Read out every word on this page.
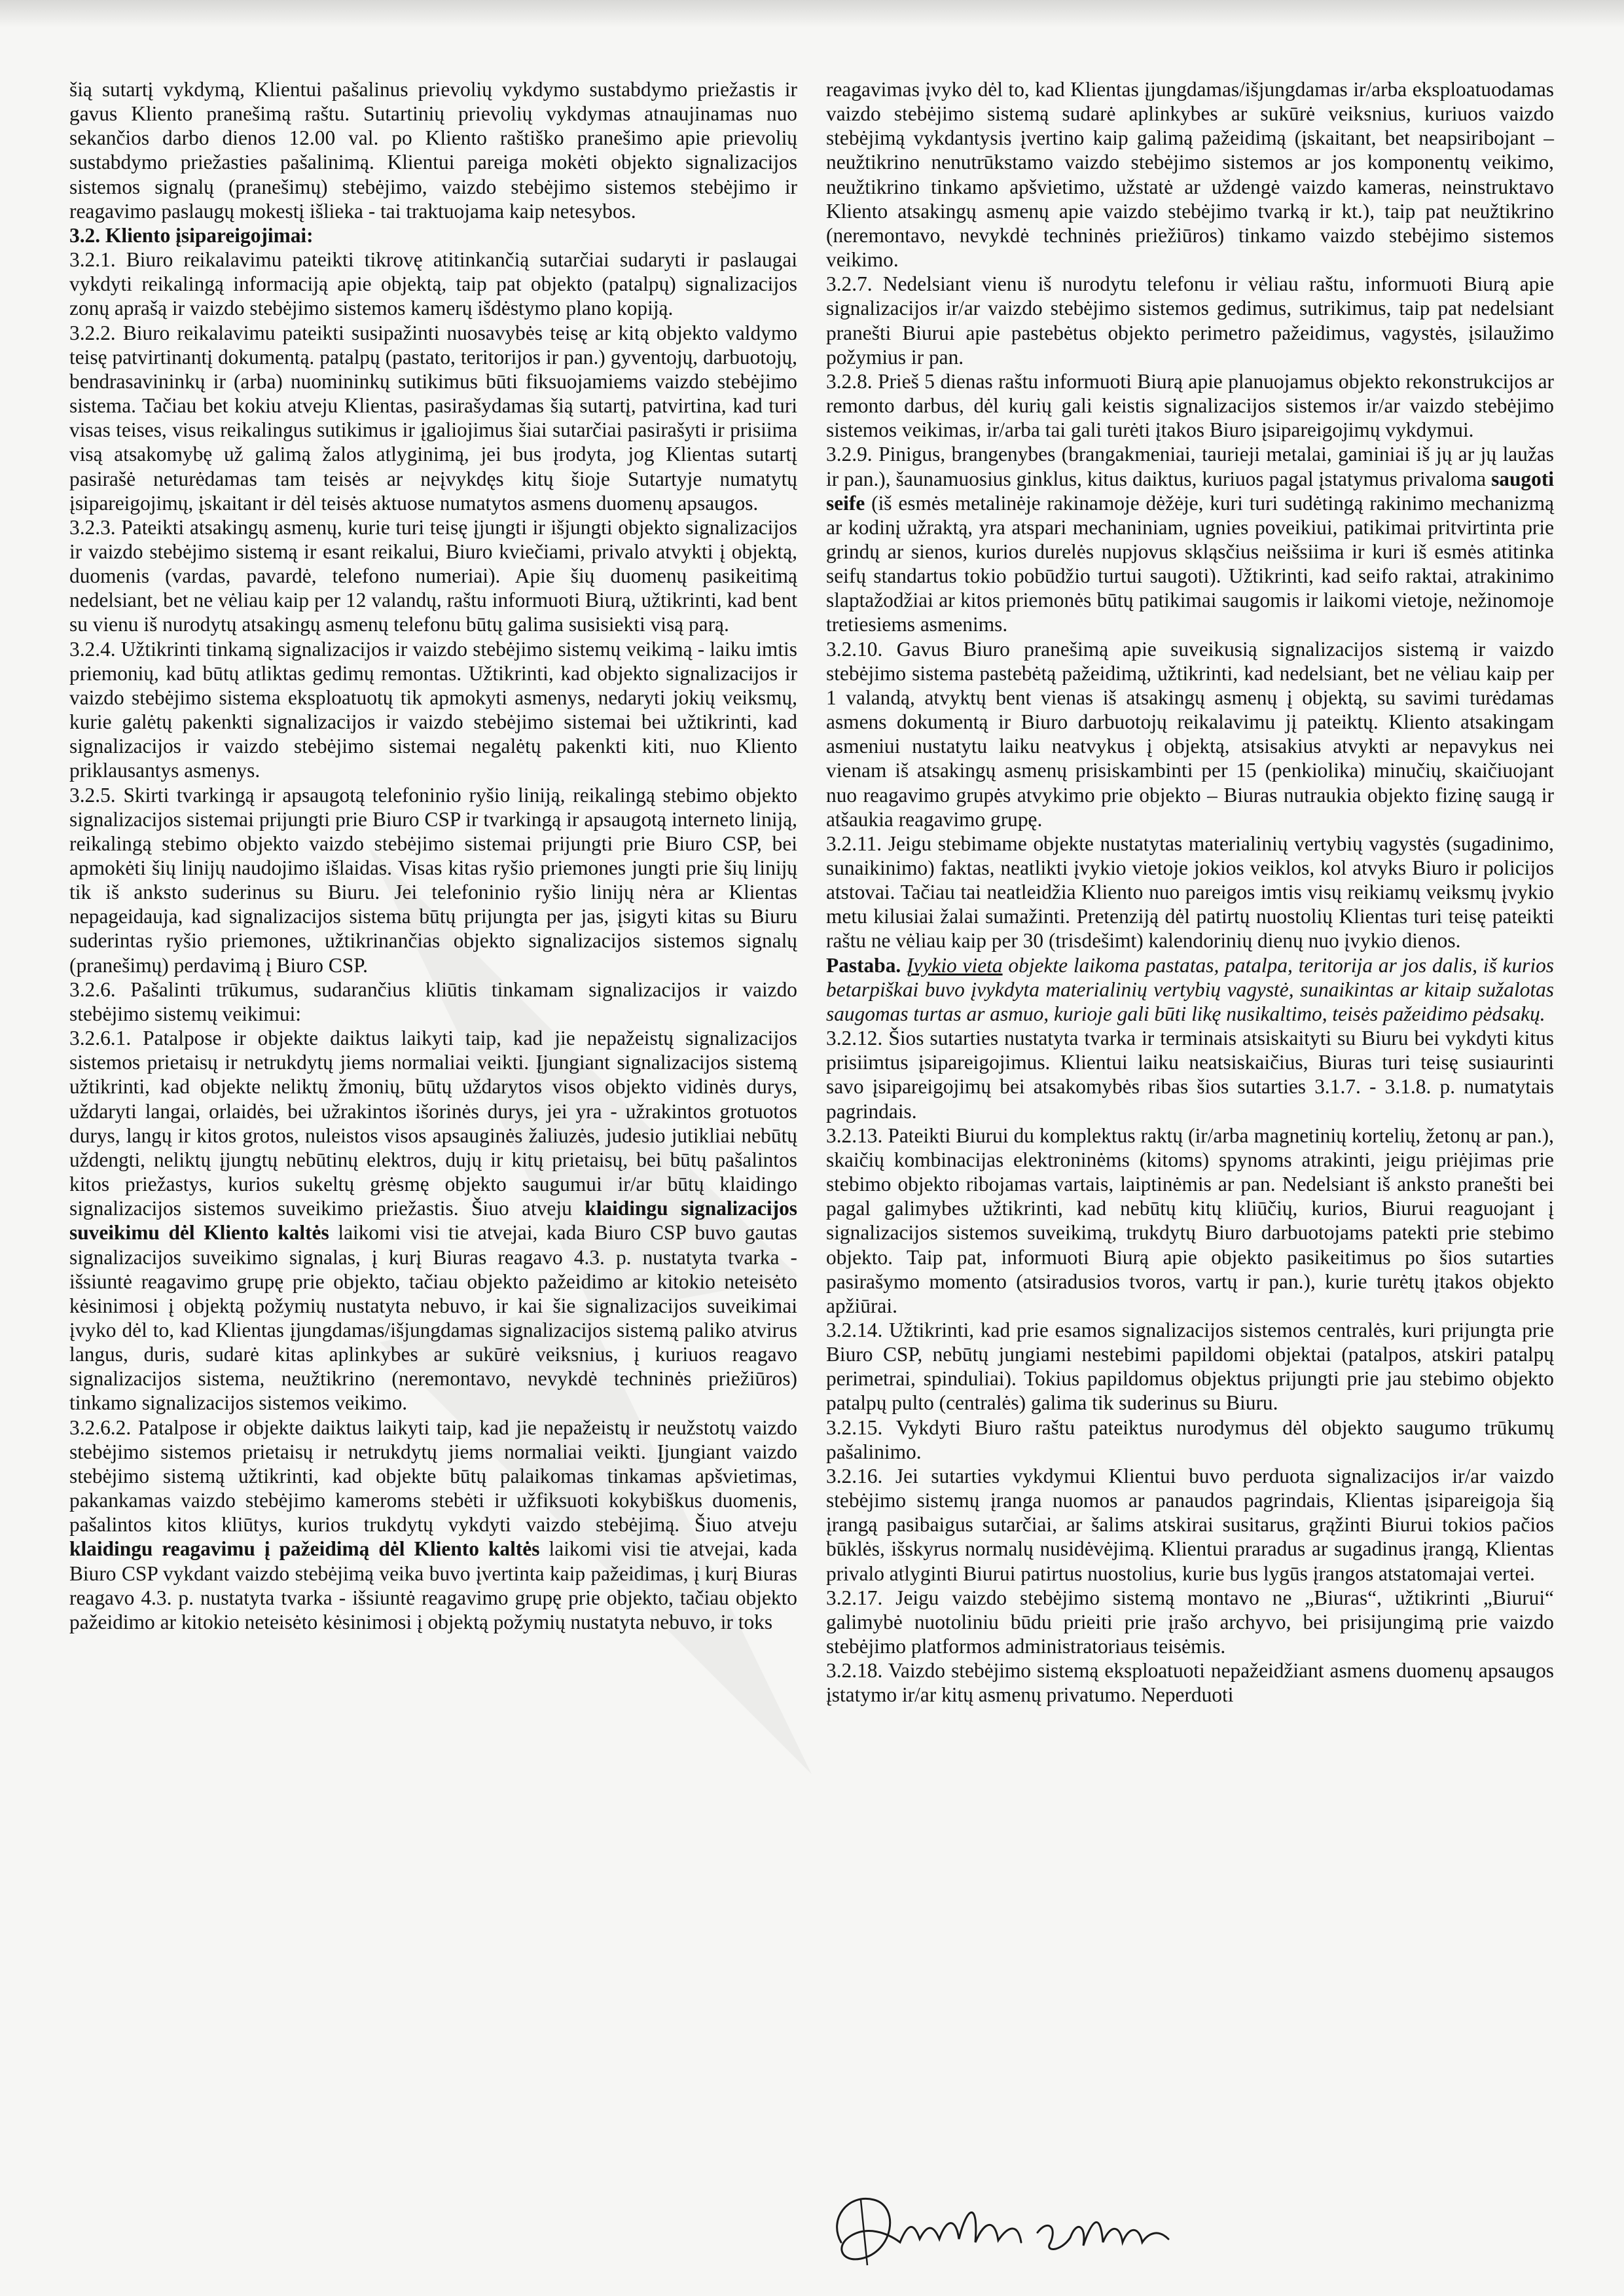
šią sutartį vykdymą, Klientui pašalinus prievolių vykdymo sustabdymo priežastis ir gavus Kliento pranešimą raštu. Sutartinių prievolių vykdymas atnaujinamas nuo sekančios darbo dienos 12.00 val. po Kliento raštiško pranešimo apie prievolių sustabdymo priežasties pašalinimą. Klientui pareiga mokėti objekto signalizacijos sistemos signalų (pranešimų) stebėjimo, vaizdo stebėjimo sistemos stebėjimo ir reagavimo paslaugų mokestį išlieka - tai traktuojama kaip netesybos.

3.2. Kliento įsipareigojimai:

3.2.1. Biuro reikalavimu pateikti tikrovę atitinkančią sutarčiai sudaryti ir paslaugai vykdyti reikalingą informaciją apie objektą, taip pat objekto (patalpų) signalizacijos zonų aprašą ir vaizdo stebėjimo sistemos kamerų išdėstymo plano kopiją.

3.2.2. Biuro reikalavimu pateikti susipažinti nuosavybės teisę ar kitą objekto valdymo teisę patvirtinantį dokumentą. patalpų (pastato, teritorijos ir pan.) gyventojų, darbuotojų, bendrasavininkų ir (arba) nuomininkų sutikimus būti fiksuojamiems vaizdo stebėjimo sistema. Tačiau bet kokiu atveju Klientas, pasirašydamas šią sutartį, patvirtina, kad turi visas teises, visus reikalingus sutikimus ir įgaliojimus šiai sutarčiai pasirašyti ir prisiima visą atsakomybę už galimą žalos atlyginimą, jei bus įrodyta, jog Klientas sutartį pasirašė neturėdamas tam teisės ar neįvykdęs kitų šioje Sutartyje numatytų įsipareigojimų, įskaitant ir dėl teisės aktuose numatytos asmens duomenų apsaugos.

3.2.3. Pateikti atsakingų asmenų, kurie turi teisę įjungti ir išjungti objekto signalizacijos ir vaizdo stebėjimo sistemą ir esant reikalui, Biuro kviečiami, privalo atvykti į objektą, duomenis (vardas, pavardė, telefono numeriai). Apie šių duomenų pasikeitimą nedelsiant, bet ne vėliau kaip per 12 valandų, raštu informuoti Biurą, užtikrinti, kad bent su vienu iš nurodytų atsakingų asmenų telefonu būtų galima susisiekti visą parą.

3.2.4. Užtikrinti tinkamą signalizacijos ir vaizdo stebėjimo sistemų veikimą - laiku imtis priemonių, kad būtų atliktas gedimų remontas. Užtikrinti, kad objekto signalizacijos ir vaizdo stebėjimo sistema eksploatuotų tik apmokyti asmenys, nedaryti jokių veiksmų, kurie galėtų pakenkti signalizacijos ir vaizdo stebėjimo sistemai bei užtikrinti, kad signalizacijos ir vaizdo stebėjimo sistemai negalėtų pakenkti kiti, nuo Kliento priklausantys asmenys.

3.2.5. Skirti tvarkingą ir apsaugotą telefoninio ryšio liniją, reikalingą stebimo objekto signalizacijos sistemai prijungti prie Biuro CSP ir tvarkingą ir apsaugotą interneto liniją, reikalingą stebimo objekto vaizdo stebėjimo sistemai prijungti prie Biuro CSP, bei apmokėti šių linijų naudojimo išlaidas. Visas kitas ryšio priemones jungti prie šių linijų tik iš anksto suderinus su Biuru. Jei telefoninio ryšio linijų nėra ar Klientas nepageidauja, kad signalizacijos sistema būtų prijungta per jas, įsigyti kitas su Biuru suderintas ryšio priemones, užtikrinančias objekto signalizacijos sistemos signalų (pranešimų) perdavimą į Biuro CSP.

3.2.6. Pašalinti trūkumus, sudarančius kliūtis tinkamam signalizacijos ir vaizdo stebėjimo sistemų veikimui:

3.2.6.1. Patalpose ir objekte daiktus laikyti taip, kad jie nepažeistų signalizacijos sistemos prietaisų ir netrukdytų jiems normaliai veikti. Įjungiant signalizacijos sistemą užtikrinti, kad objekte neliktų žmonių, būtų uždarytos visos objekto vidinės durys, uždaryti langai, orlaidės, bei užrakintos išorinės durys, jei yra - užrakintos grotuotos durys, langų ir kitos grotos, nuleistos visos apsauginės žaliuzės, judesio jutikliai nebūtų uždengti, neliktų įjungtų nebūtinų elektros, dujų ir kitų prietaisų, bei būtų pašalintos kitos priežastys, kurios sukeltų grėsmę objekto saugumui ir/ar būtų klaidingo signalizacijos sistemos suveikimo priežastis. Šiuo atveju klaidingu signalizacijos suveikimu dėl Kliento kaltės laikomi visi tie atvejai, kada Biuro CSP buvo gautas signalizacijos suveikimo signalas, į kurį Biuras reagavo 4.3. p. nustatyta tvarka - išsiuntė reagavimo grupę prie objekto, tačiau objekto pažeidimo ar kitokio neteisėto kėsinimosi į objektą požymių nustatyta nebuvo, ir kai šie signalizacijos suveikimai įvyko dėl to, kad Klientas įjungdamas/išjungdamas signalizacijos sistemą paliko atvirus langus, duris, sudarė kitas aplinkybes ar sukūrė veiksnius, į kuriuos reagavo signalizacijos sistema, neužtikrino (neremontavo, nevykdė techninės priežiūros) tinkamo signalizacijos sistemos veikimo.

3.2.6.2. Patalpose ir objekte daiktus laikyti taip, kad jie nepažeistų ir neužstotų vaizdo stebėjimo sistemos prietaisų ir netrukdytų jiems normaliai veikti. Įjungiant vaizdo stebėjimo sistemą užtikrinti, kad objekte būtų palaikomas tinkamas apšvietimas, pakankamas vaizdo stebėjimo kameroms stebėti ir užfiksuoti kokybiškus duomenis, pašalintos kitos kliūtys, kurios trukdytų vykdyti vaizdo stebėjimą. Šiuo atveju klaidingu reagavimu į pažeidimą dėl Kliento kaltės laikomi visi tie atvejai, kada Biuro CSP vykdant vaizdo stebėjimą veika buvo įvertinta kaip pažeidimas, į kurį Biuras reagavo 4.3. p. nustatyta tvarka - išsiuntė reagavimo grupę prie objekto, tačiau objekto pažeidimo ar kitokio neteisėto kėsinimosi į objektą požymių nustatyta nebuvo, ir toks

reagavimas įvyko dėl to, kad Klientas įjungdamas/išjungdamas ir/arba eksploatuodamas vaizdo stebėjimo sistemą sudarė aplinkybes ar sukūrė veiksnius, kuriuos vaizdo stebėjimą vykdantysis įvertino kaip galimą pažeidimą (įskaitant, bet neapsiribojant – neužtikrino nenutrūkstamo vaizdo stebėjimo sistemos ar jos komponentų veikimo, neužtikrino tinkamo apšvietimo, užstatė ar uždengė vaizdo kameras, neinstruktavo Kliento atsakingų asmenų apie vaizdo stebėjimo tvarką ir kt.), taip pat neužtikrino (neremontavo, nevykdė techninės priežiūros) tinkamo vaizdo stebėjimo sistemos veikimo.

3.2.7. Nedelsiant vienu iš nurodytu telefonu ir vėliau raštu, informuoti Biurą apie signalizacijos ir/ar vaizdo stebėjimo sistemos gedimus, sutrikimus, taip pat nedelsiant pranešti Biurui apie pastebėtus objekto perimetro pažeidimus, vagystės, įsilaužimo požymius ir pan.

3.2.8. Prieš 5 dienas raštu informuoti Biurą apie planuojamus objekto rekonstrukcijos ar remonto darbus, dėl kurių gali keistis signalizacijos sistemos ir/ar vaizdo stebėjimo sistemos veikimas, ir/arba tai gali turėti įtakos Biuro įsipareigojimų vykdymui.

3.2.9. Pinigus, brangenybes (brangakmeniai, taurieji metalai, gaminiai iš jų ar jų laužas ir pan.), šaunamuosius ginklus, kitus daiktus, kuriuos pagal įstatymus privaloma saugoti seife (iš esmės metalinėje rakinamoje dėžėje, kuri turi sudėtingą rakinimo mechanizmą ar kodinį užraktą, yra atspari mechaniniam, ugnies poveikiui, patikimai pritvirtinta prie grindų ar sienos, kurios durelės nupjovus skląsčius neišsiima ir kuri iš esmės atitinka seifų standartus tokio pobūdžio turtui saugoti). Užtikrinti, kad seifo raktai, atrakinimo slaptažodžiai ar kitos priemonės būtų patikimai saugomis ir laikomi vietoje, nežinomoje tretiesiems asmenims.

3.2.10. Gavus Biuro pranešimą apie suveikusią signalizacijos sistemą ir vaizdo stebėjimo sistema pastebėtą pažeidimą, užtikrinti, kad nedelsiant, bet ne vėliau kaip per 1 valandą, atvyktų bent vienas iš atsakingų asmenų į objektą, su savimi turėdamas asmens dokumentą ir Biuro darbuotojų reikalavimu jį pateiktų. Kliento atsakingam asmeniui nustatytu laiku neatvykus į objektą, atsisakius atvykti ar nepavykus nei vienam iš atsakingų asmenų prisiskambinti per 15 (penkiolika) minučių, skaičiuojant nuo reagavimo grupės atvykimo prie objekto – Biuras nutraukia objekto fizinę saugą ir atšaukia reagavimo grupę.

3.2.11. Jeigu stebimame objekte nustatytas materialinių vertybių vagystės (sugadinimo, sunaikinimo) faktas, neatlikti įvykio vietoje jokios veiklos, kol atvyks Biuro ir policijos atstovai. Tačiau tai neatleidžia Kliento nuo pareigos imtis visų reikiamų veiksmų įvykio metu kilusiai žalai sumažinti. Pretenziją dėl patirtų nuostolių Klientas turi teisę pateikti raštu ne vėliau kaip per 30 (trisdešimt) kalendorinių dienų nuo įvykio dienos.

Pastaba. Įvykio vieta objekte laikoma pastatas, patalpa, teritorija ar jos dalis, iš kurios betarpiškai buvo įvykdyta materialinių vertybių vagystė, sunaikintas ar kitaip sužalotas saugomas turtas ar asmuo, kurioje gali būti likę nusikaltimo, teisės pažeidimo pėdsakų.

3.2.12. Šios sutarties nustatyta tvarka ir terminais atsiskaityti su Biuru bei vykdyti kitus prisiimtus įsipareigojimus. Klientui laiku neatsiskaičius, Biuras turi teisę susiaurinti savo įsipareigojimų bei atsakomybės ribas šios sutarties 3.1.7. - 3.1.8. p. numatytais pagrindais.

3.2.13. Pateikti Biurui du komplektus raktų (ir/arba magnetinių kortelių, žetonų ar pan.), skaičių kombinacijas elektroninėms (kitoms) spynoms atrakinti, jeigu priėjimas prie stebimo objekto ribojamas vartais, laiptinėmis ar pan. Nedelsiant iš anksto pranešti bei pagal galimybes užtikrinti, kad nebūtų kitų kliūčių, kurios, Biurui reaguojant į signalizacijos sistemos suveikimą, trukdytų Biuro darbuotojams patekti prie stebimo objekto. Taip pat, informuoti Biurą apie objekto pasikeitimus po šios sutarties pasirašymo momento (atsiradusios tvoros, vartų ir pan.), kurie turėtų įtakos objekto apžiūrai.

3.2.14. Užtikrinti, kad prie esamos signalizacijos sistemos centralės, kuri prijungta prie Biuro CSP, nebūtų jungiami nestebimi papildomi objektai (patalpos, atskiri patalpų perimetrai, spinduliai). Tokius papildomus objektus prijungti prie jau stebimo objekto patalpų pulto (centralės) galima tik suderinus su Biuru.

3.2.15. Vykdyti Biuro raštu pateiktus nurodymus dėl objekto saugumo trūkumų pašalinimo.

3.2.16. Jei sutarties vykdymui Klientui buvo perduota signalizacijos ir/ar vaizdo stebėjimo sistemų įranga nuomos ar panaudos pagrindais, Klientas įsipareigoja šią įrangą pasibaigus sutarčiai, ar šalims atskirai susitarus, grąžinti Biurui tokios pačios būklės, išskyrus normalų nusidėvėjimą. Klientui praradus ar sugadinus įrangą, Klientas privalo atlyginti Biurui patirtus nuostolius, kurie bus lygūs įrangos atstatomajai vertei.

3.2.17. Jeigu vaizdo stebėjimo sistemą montavo ne „Biuras“, užtikrinti „Biurui“ galimybė nuotoliniu būdu prieiti prie įrašo archyvo, bei prisijungimą prie vaizdo stebėjimo platformos administratoriaus teisėmis.

3.2.18. Vaizdo stebėjimo sistemą eksploatuoti nepažeidžiant asmens duomenų apsaugos įstatymo ir/ar kitų asmenų privatumo. Neperduoti
